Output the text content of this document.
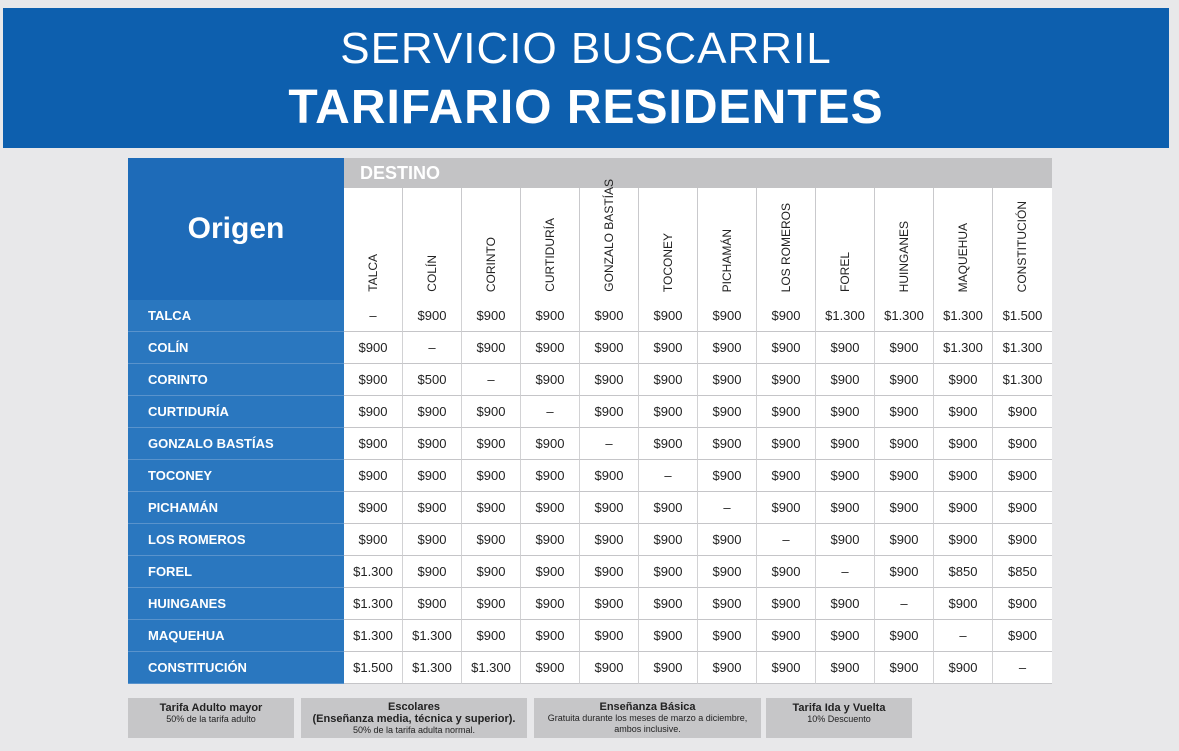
SERVICIO BUSCARRIL
TARIFARIO RESIDENTES
Origen
DESTINO
TALCA	COLÍN	CORINTO	CURTIDURÍA	GONZALO BASTÍAS	TOCONEY	PICHAMÁN	LOS ROMEROS	FOREL	HUINGANES	MAQUEHUA	CONSTITUCIÓN
TALCA	–	$900	$900	$900	$900	$900	$900	$900	$1.300	$1.300	$1.300	$1.500
COLÍN	$900	–	$900	$900	$900	$900	$900	$900	$900	$900	$1.300	$1.300
CORINTO	$900	$500	–	$900	$900	$900	$900	$900	$900	$900	$900	$1.300
CURTIDURÍA	$900	$900	$900	–	$900	$900	$900	$900	$900	$900	$900	$900
GONZALO BASTÍAS	$900	$900	$900	$900	–	$900	$900	$900	$900	$900	$900	$900
TOCONEY	$900	$900	$900	$900	$900	–	$900	$900	$900	$900	$900	$900
PICHAMÁN	$900	$900	$900	$900	$900	$900	–	$900	$900	$900	$900	$900
LOS ROMEROS	$900	$900	$900	$900	$900	$900	$900	–	$900	$900	$900	$900
FOREL	$1.300	$900	$900	$900	$900	$900	$900	$900	–	$900	$850	$850
HUINGANES	$1.300	$900	$900	$900	$900	$900	$900	$900	$900	–	$900	$900
MAQUEHUA	$1.300	$1.300	$900	$900	$900	$900	$900	$900	$900	$900	–	$900
CONSTITUCIÓN	$1.500	$1.300	$1.300	$900	$900	$900	$900	$900	$900	$900	$900	–
Tarifa Adulto mayor
50% de la tarifa adulto
Escolares
(Enseñanza media, técnica y superior).
50% de la tarifa adulta normal.
Enseñanza Básica
Gratuita durante los meses de marzo a diciembre, ambos inclusive.
Tarifa Ida y Vuelta
10% Descuento
